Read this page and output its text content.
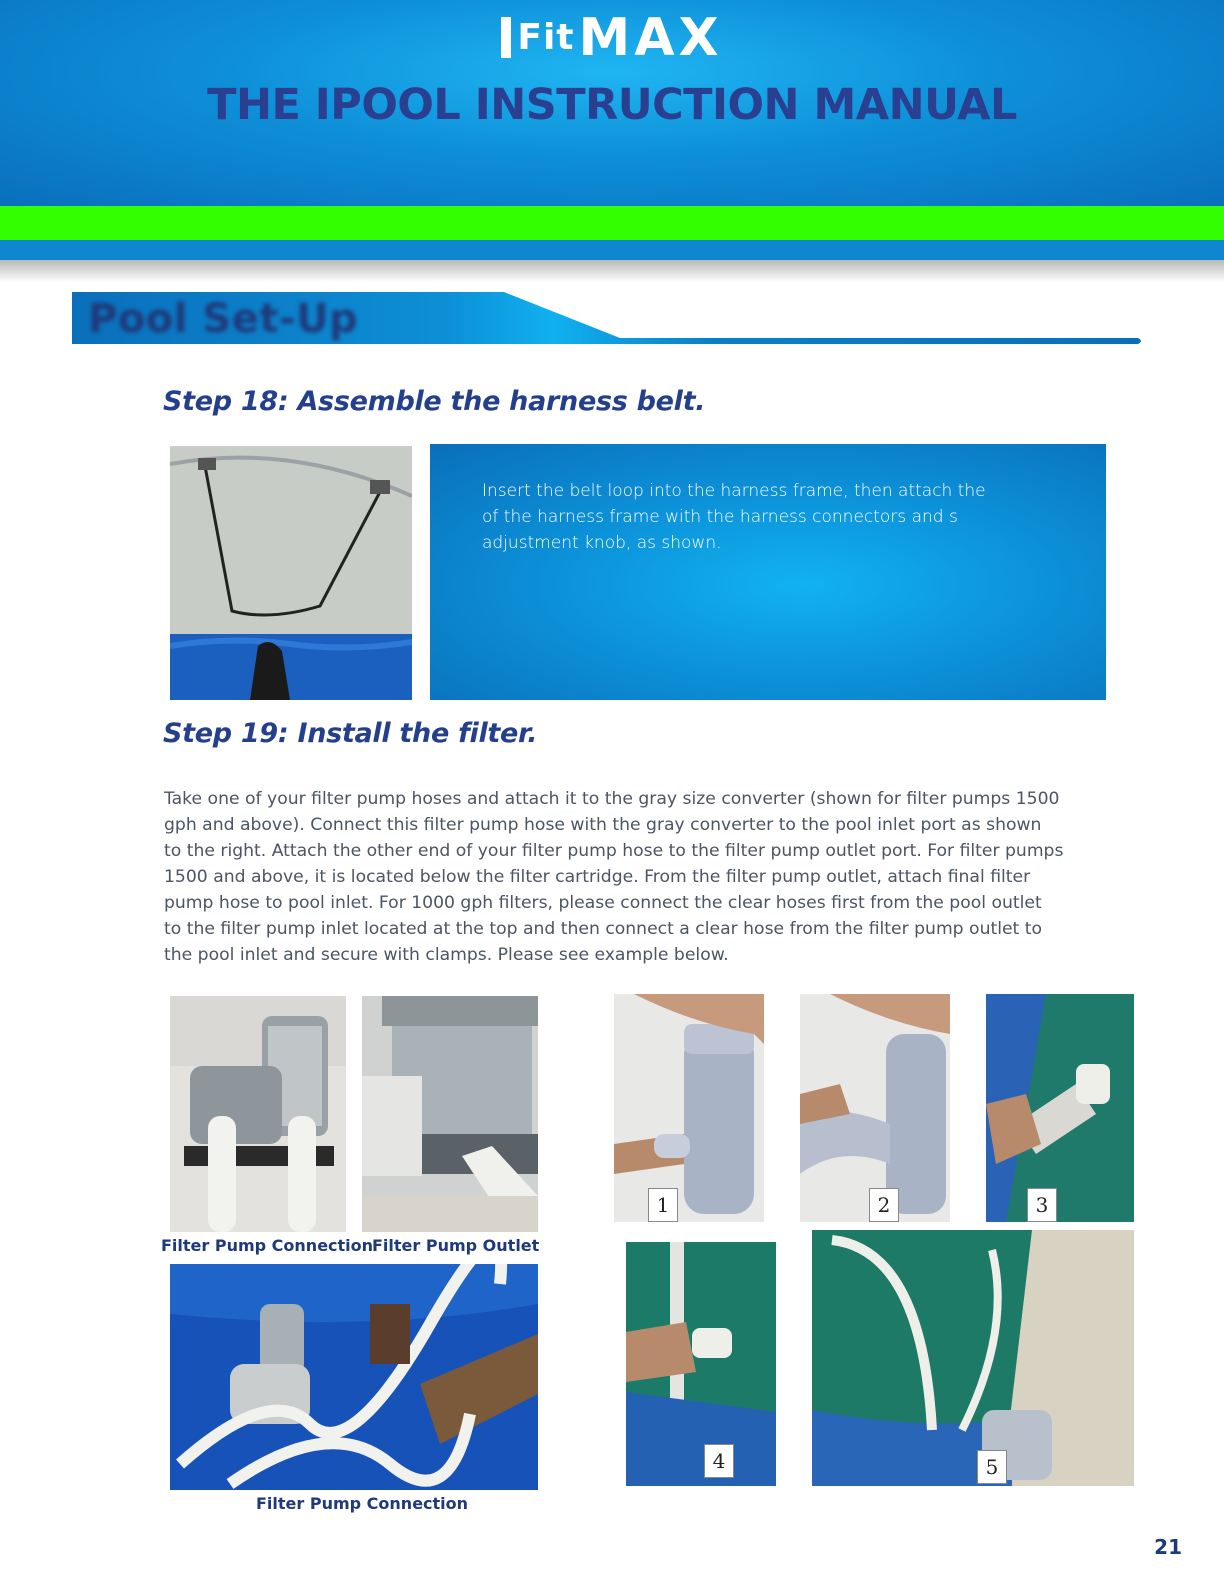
FitMAX
THE IPOOL INSTRUCTION MANUAL
Pool Set-Up
Step 18: Assemble the harness belt.
Insert the belt loop into the harness frame, then attach the of the harness frame with the harness connectors and s adjustment knob, as shown.
Step 19: Install the filter.
Take one of your filter pump hoses and attach it to the gray size converter (shown for filter pumps 1500 gph and above). Connect this filter pump hose with the gray converter to the pool inlet port as shown to the right. Attach the other end of your filter pump hose to the filter pump outlet port. For filter pumps 1500 and above, it is located below the filter cartridge. From the filter pump outlet, attach final filter pump hose to pool inlet. For 1000 gph filters, please connect the clear hoses first from the pool outlet to the filter pump inlet located at the top and then connect a clear hose from the filter pump outlet to the pool inlet and secure with clamps. Please see example below.
Filter Pump Connection
Filter Pump Outlet
Filter Pump Connection
1	2	3
4	5
21
